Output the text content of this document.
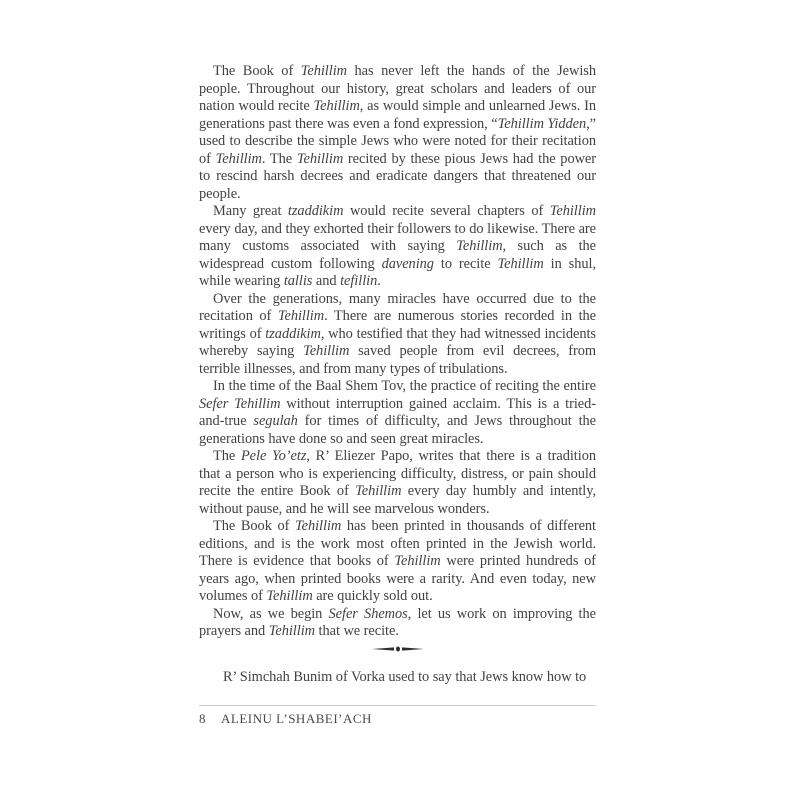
The Book of Tehillim has never left the hands of the Jewish people. Throughout our history, great scholars and leaders of our nation would recite Tehillim, as would simple and unlearned Jews. In generations past there was even a fond expression, “Tehillim Yidden,” used to describe the simple Jews who were noted for their recitation of Tehillim. The Tehillim recited by these pious Jews had the power to rescind harsh decrees and eradicate dangers that threatened our people.

Many great tzaddikim would recite several chapters of Tehillim every day, and they exhorted their followers to do likewise. There are many customs associated with saying Tehillim, such as the widespread custom following davening to recite Tehillim in shul, while wearing tallis and tefillin.

Over the generations, many miracles have occurred due to the recitation of Tehillim. There are numerous stories recorded in the writings of tzaddikim, who testified that they had witnessed incidents whereby saying Tehillim saved people from evil decrees, from terrible illnesses, and from many types of tribulations.

In the time of the Baal Shem Tov, the practice of reciting the entire Sefer Tehillim without interruption gained acclaim. This is a tried-and-true segulah for times of difficulty, and Jews throughout the generations have done so and seen great miracles.

The Pele Yo’etz, R’ Eliezer Papo, writes that there is a tradition that a person who is experiencing difficulty, distress, or pain should recite the entire Book of Tehillim every day humbly and intently, without pause, and he will see marvelous wonders.

The Book of Tehillim has been printed in thousands of different editions, and is the work most often printed in the Jewish world. There is evidence that books of Tehillim were printed hundreds of years ago, when printed books were a rarity. And even today, new volumes of Tehillim are quickly sold out.

Now, as we begin Sefer Shemos, let us work on improving the prayers and Tehillim that we recite.

R’ Simchah Bunim of Vorka used to say that Jews know how to

8 ALEINU L’SHABEI’ACH
